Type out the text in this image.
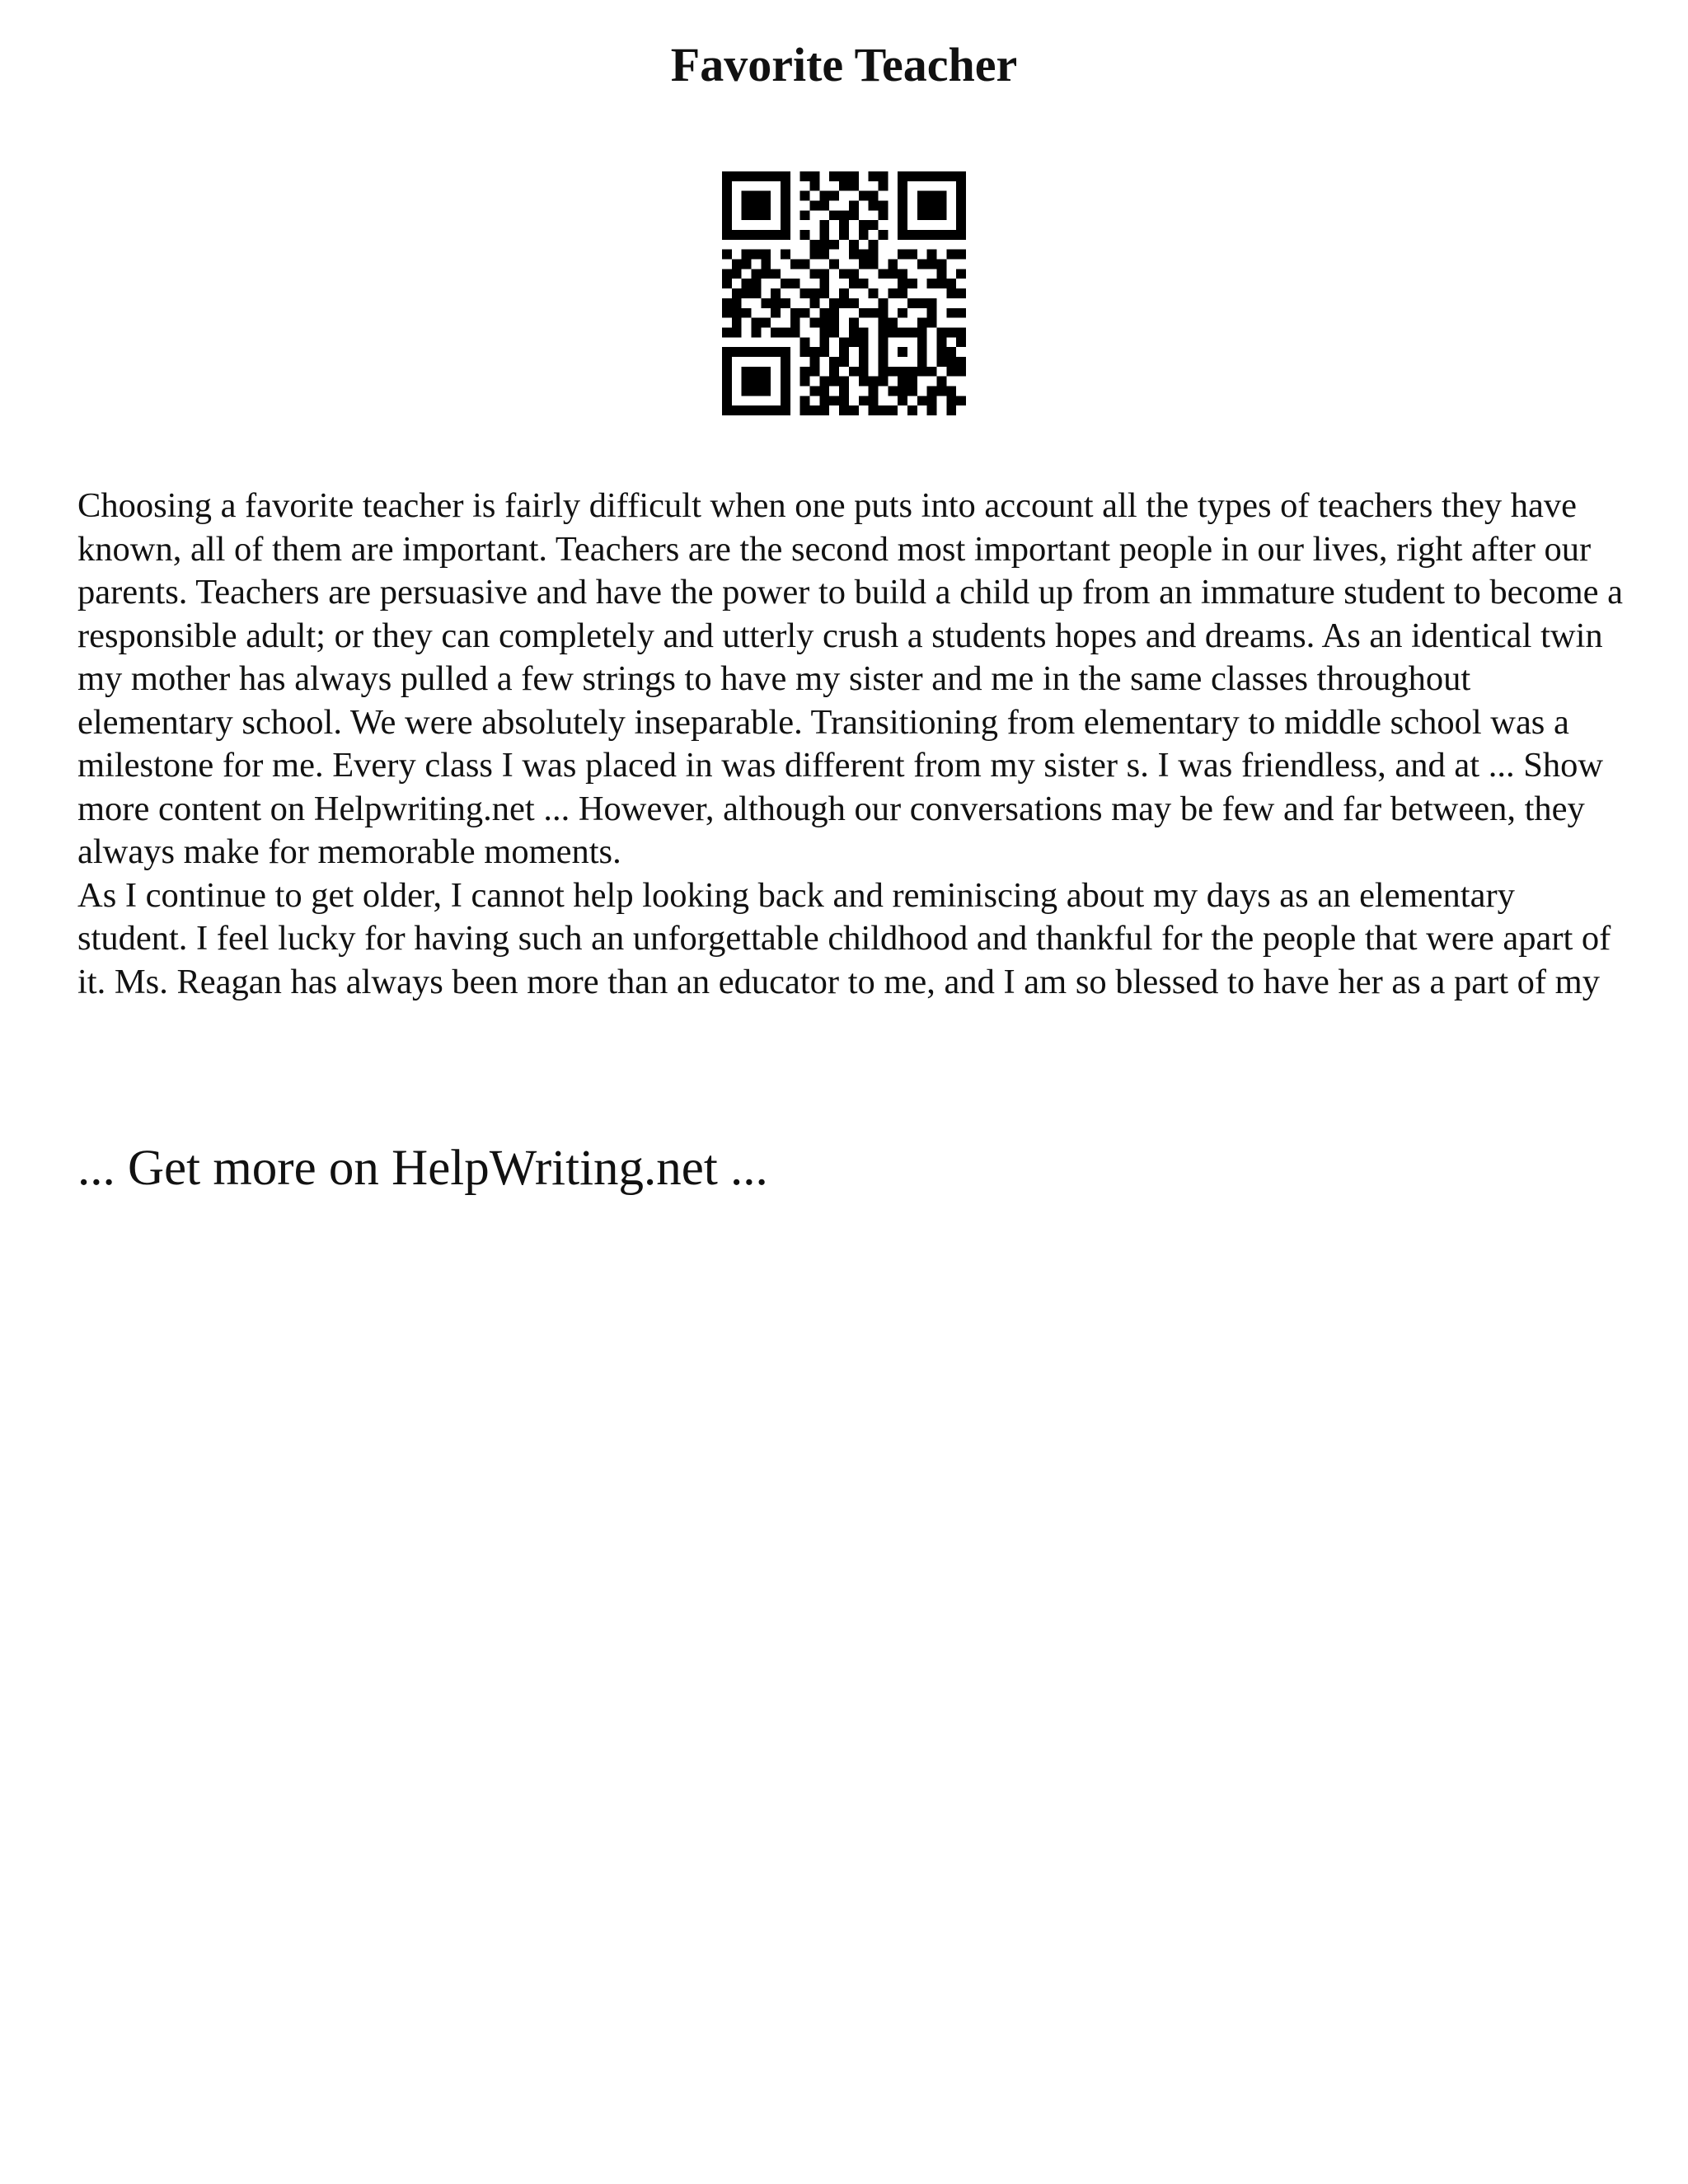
Favorite Teacher

Choosing a favorite teacher is fairly difficult when one puts into account all the types of teachers they have known, all of them are important. Teachers are the second most important people in our lives, right after our parents. Teachers are persuasive and have the power to build a child up from an immature student to become a responsible adult; or they can completely and utterly crush a students hopes and dreams. As an identical twin my mother has always pulled a few strings to have my sister and me in the same classes throughout elementary school. We were absolutely inseparable. Transitioning from elementary to middle school was a milestone for me. Every class I was placed in was different from my sister s. I was friendless, and at ... Show more content on Helpwriting.net ... However, although our conversations may be few and far between, they always make for memorable moments.

As I continue to get older, I cannot help looking back and reminiscing about my days as an elementary student. I feel lucky for having such an unforgettable childhood and thankful for the people that were apart of it. Ms. Reagan has always been more than an educator to me, and I am so blessed to have her as a part of my

... Get more on HelpWriting.net ...
